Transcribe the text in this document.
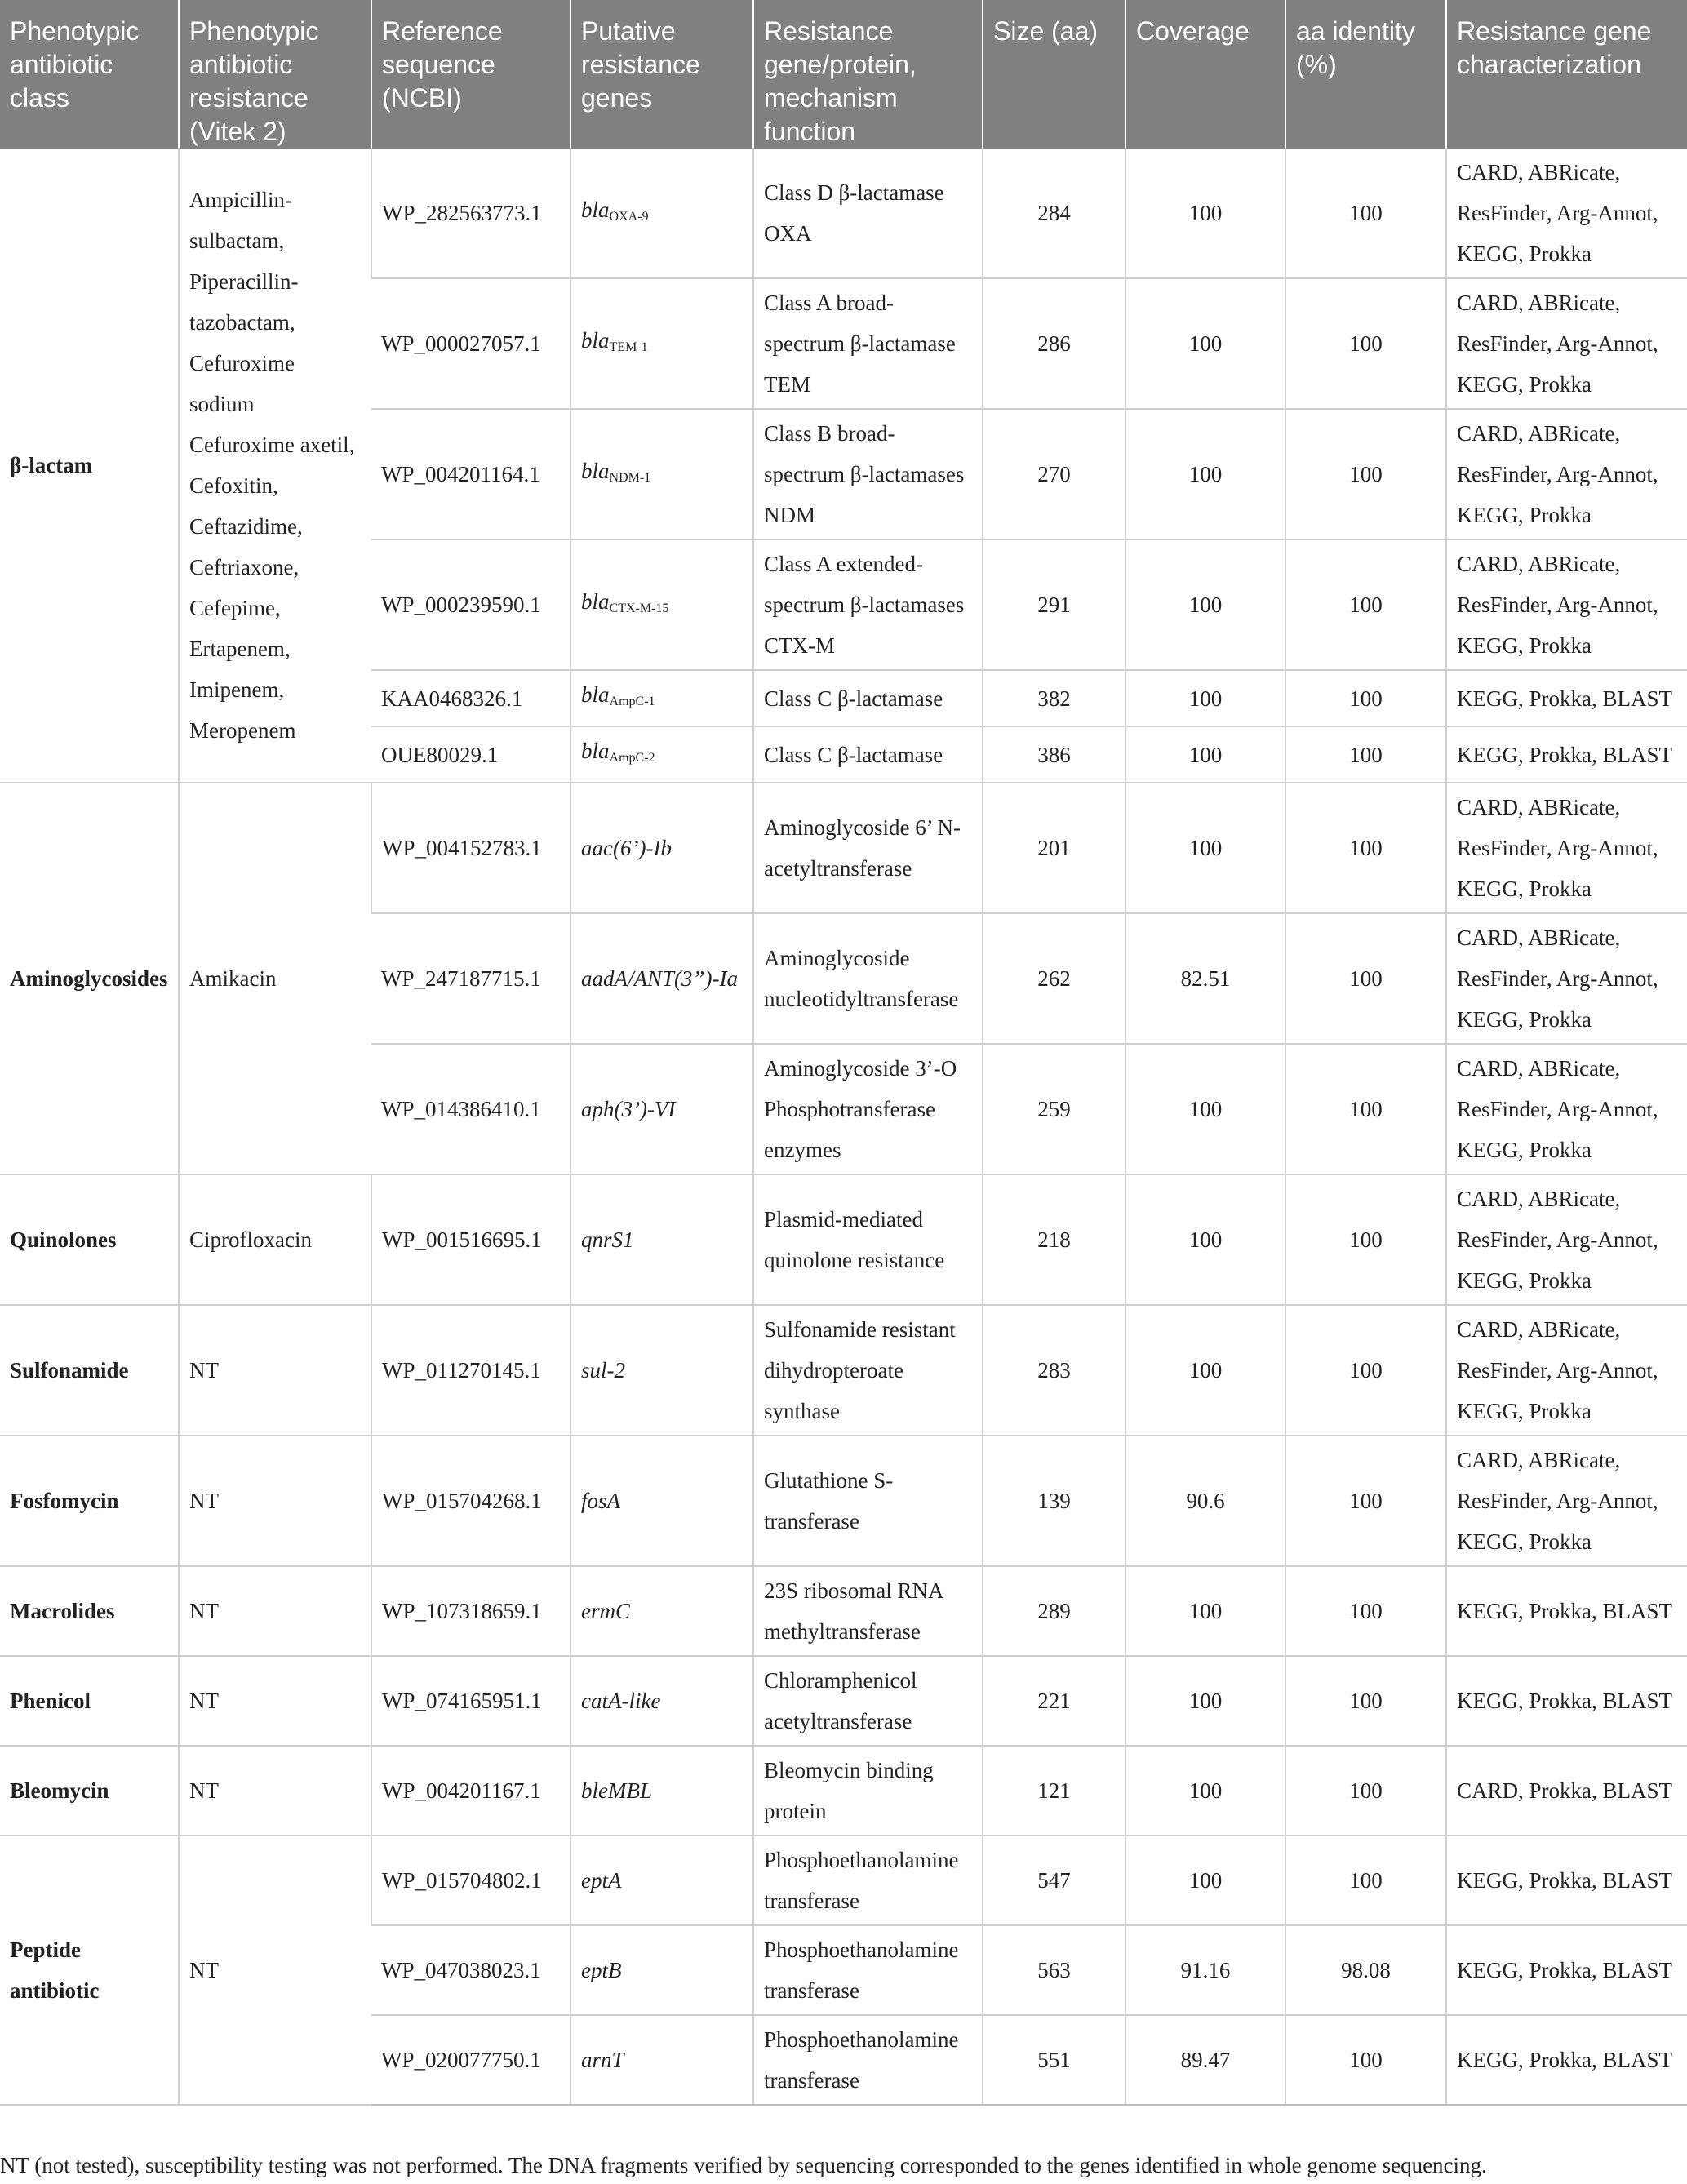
Phenotypic antibiotic class	Phenotypic antibiotic resistance (Vitek 2)	Reference sequence (NCBI)	Putative resistance genes	Resistance gene/protein, mechanism function	Size (aa)	Coverage	aa identity (%)	Resistance gene characterization
β-lactam	Ampicillin-sulbactam, Piperacillin-tazobactam, Cefuroxime sodium Cefuroxime axetil, Cefoxitin, Ceftazidime, Ceftriaxone, Cefepime, Ertapenem, Imipenem, Meropenem	WP_282563773.1	bla$_{OXA-9}$	Class D β-lactamase OXA	284	100	100	CARD, ABRicate, ResFinder, Arg-Annot, KEGG, Prokka
		WP_000027057.1	bla$_{TEM-1}$	Class A broad-spectrum β-lactamase TEM	286	100	100	CARD, ABRicate, ResFinder, Arg-Annot, KEGG, Prokka
		WP_004201164.1	bla$_{NDM-1}$	Class B broad-spectrum β-lactamases NDM	270	100	100	CARD, ABRicate, ResFinder, Arg-Annot, KEGG, Prokka
		WP_000239590.1	bla$_{CTX-M-15}$	Class A extended-spectrum β-lactamases CTX-M	291	100	100	CARD, ABRicate, ResFinder, Arg-Annot, KEGG, Prokka
		KAA0468326.1	bla$_{AmpC-1}$	Class C β-lactamase	382	100	100	KEGG, Prokka, BLAST
		OUE80029.1	bla$_{AmpC-2}$	Class C β-lactamase	386	100	100	KEGG, Prokka, BLAST
Aminoglycosides	Amikacin	WP_004152783.1	aac(6’)-Ib	Aminoglycoside 6’ N-acetyltransferase	201	100	100	CARD, ABRicate, ResFinder, Arg-Annot, KEGG, Prokka
		WP_247187715.1	aadA/ANT(3”)-Ia	Aminoglycoside nucleotidyltransferase	262	82.51	100	CARD, ABRicate, ResFinder, Arg-Annot, KEGG, Prokka
		WP_014386410.1	aph(3’)-VI	Aminoglycoside 3’-O Phosphotransferase enzymes	259	100	100	CARD, ABRicate, ResFinder, Arg-Annot, KEGG, Prokka
Quinolones	Ciprofloxacin	WP_001516695.1	qnrS1	Plasmid-mediated quinolone resistance	218	100	100	CARD, ABRicate, ResFinder, Arg-Annot, KEGG, Prokka
Sulfonamide	NT	WP_011270145.1	sul-2	Sulfonamide resistant dihydropteroate synthase	283	100	100	CARD, ABRicate, ResFinder, Arg-Annot, KEGG, Prokka
Fosfomycin	NT	WP_015704268.1	fosA	Glutathione S-transferase	139	90.6	100	CARD, ABRicate, ResFinder, Arg-Annot, KEGG, Prokka
Macrolides	NT	WP_107318659.1	ermC	23S ribosomal RNA methyltransferase	289	100	100	KEGG, Prokka, BLAST
Phenicol	NT	WP_074165951.1	catA-like	Chloramphenicol acetyltransferase	221	100	100	KEGG, Prokka, BLAST
Bleomycin	NT	WP_004201167.1	bleMBL	Bleomycin binding protein	121	100	100	CARD, Prokka, BLAST
Peptide antibiotic	NT	WP_015704802.1	eptA	Phosphoethanolamine transferase	547	100	100	KEGG, Prokka, BLAST
		WP_047038023.1	eptB	Phosphoethanolamine transferase	563	91.16	98.08	KEGG, Prokka, BLAST
		WP_020077750.1	arnT	Phosphoethanolamine transferase	551	89.47	100	KEGG, Prokka, BLAST
NT (not tested), susceptibility testing was not performed. The DNA fragments verified by sequencing corresponded to the genes identified in whole genome sequencing.
